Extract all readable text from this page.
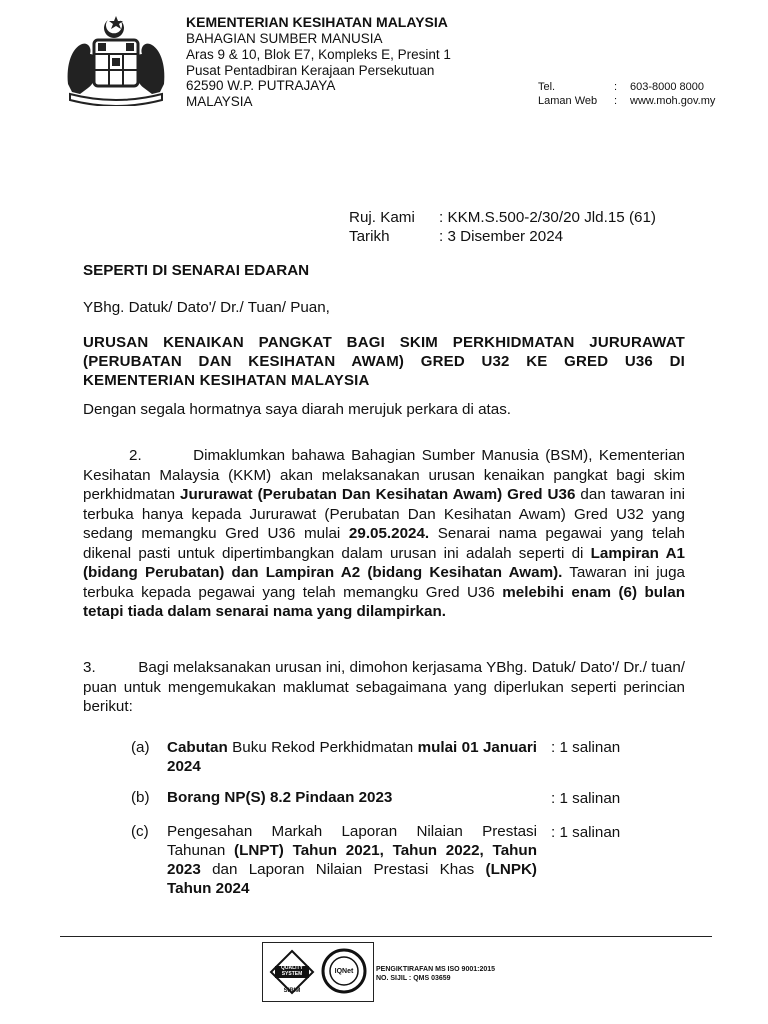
KEMENTERIAN KESIHATAN MALAYSIA
BAHAGIAN SUMBER MANUSIA
Aras 9 & 10, Blok E7, Kompleks E, Presint 1
Pusat Pentadbiran Kerajaan Persekutuan
62590 W.P. PUTRAJAYA
MALAYSIA
Tel.	: 603-8000 8000
Laman Web : www.moh.gov.my
Ruj. Kami : KKM.S.500-2/30/20 Jld.15 (61)
Tarikh	: 3 Disember 2024
SEPERTI DI SENARAI EDARAN
YBhg. Datuk/ Dato'/ Dr./ Tuan/ Puan,
URUSAN KENAIKAN PANGKAT BAGI SKIM PERKHIDMATAN JURURAWAT
(PERUBATAN DAN KESIHATAN AWAM) GRED U32 KE GRED U36 DI
KEMENTERIAN KESIHATAN MALAYSIA
Dengan segala hormatnya saya diarah merujuk perkara di atas.
2.	Dimaklumkan bahawa Bahagian Sumber Manusia (BSM), Kementerian Kesihatan Malaysia (KKM) akan melaksanakan urusan kenaikan pangkat bagi skim perkhidmatan Jururawat (Perubatan Dan Kesihatan Awam) Gred U36 dan tawaran ini terbuka hanya kepada Jururawat (Perubatan Dan Kesihatan Awam) Gred U32 yang sedang memangku Gred U36 mulai 29.05.2024. Senarai nama pegawai yang telah dikenal pasti untuk dipertimbangkan dalam urusan ini adalah seperti di Lampiran A1 (bidang Perubatan) dan Lampiran A2 (bidang Kesihatan Awam). Tawaran ini juga terbuka kepada pegawai yang telah memangku Gred U36 melebihi enam (6) bulan tetapi tiada dalam senarai nama yang dilampirkan.
3.	Bagi melaksanakan urusan ini, dimohon kerjasama YBhg. Datuk/ Dato'/ Dr./ tuan/ puan untuk mengemukakan maklumat sebagaimana yang diperlukan seperti perincian berikut:
(a) Cabutan Buku Rekod Perkhidmatan mulai 01 Januari 2024
: 1 salinan
(b) Borang NP(S) 8.2 Pindaan 2023	: 1 salinan
(c) Pengesahan Markah Laporan Nilaian Prestasi Tahunan (LNPT) Tahun 2021, Tahun 2022, Tahun 2023 dan Laporan Nilaian Prestasi Khas (LNPK) Tahun 2024
: 1 salinan
QUALITY SYSTEM
SIRIM
IQNet	PENGIKTIRAFAN MS ISO 9001:2015
NO. SIJIL : QMS 03659
